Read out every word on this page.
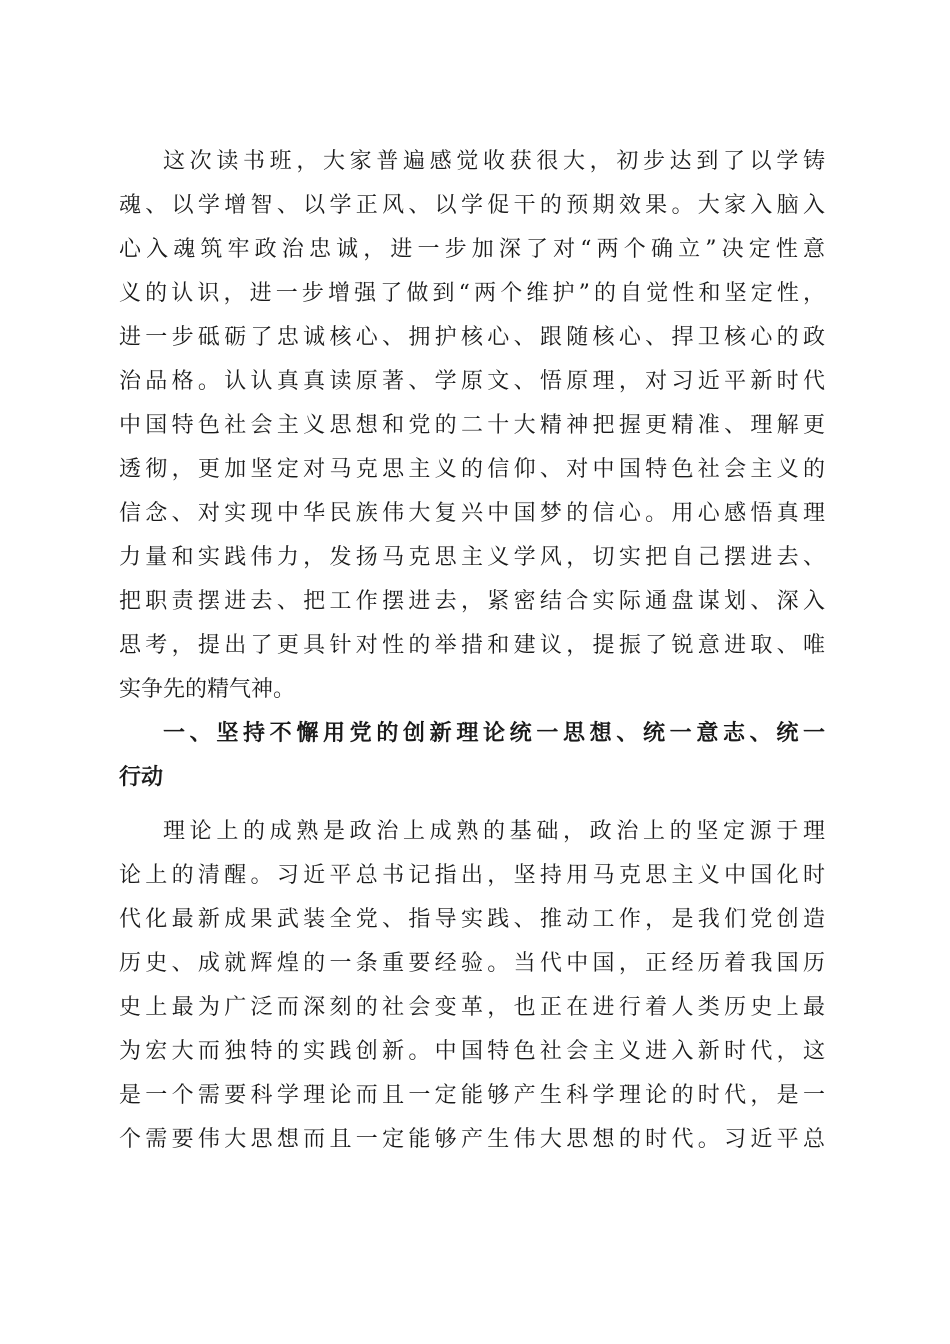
这次读书班，大家普遍感觉收获很大，初步达到了以学铸
魂、以学增智、以学正风、以学促干的预期效果。大家入脑入
心入魂筑牢政治忠诚，进一步加深了对“两个确立”决定性意
义的认识，进一步增强了做到“两个维护”的自觉性和坚定性，
进一步砥砺了忠诚核心、拥护核心、跟随核心、捍卫核心的政
治品格。认认真真读原著、学原文、悟原理，对习近平新时代
中国特色社会主义思想和党的二十大精神把握更精准、理解更
透彻，更加坚定对马克思主义的信仰、对中国特色社会主义的
信念、对实现中华民族伟大复兴中国梦的信心。用心感悟真理
力量和实践伟力，发扬马克思主义学风，切实把自己摆进去、
把职责摆进去、把工作摆进去，紧密结合实际通盘谋划、深入
思考，提出了更具针对性的举措和建议，提振了锐意进取、唯
实争先的精气神。
一、坚持不懈用党的创新理论统一思想、统一意志、统一
行动
理论上的成熟是政治上成熟的基础，政治上的坚定源于理
论上的清醒。习近平总书记指出，坚持用马克思主义中国化时
代化最新成果武装全党、指导实践、推动工作，是我们党创造
历史、成就辉煌的一条重要经验。当代中国，正经历着我国历
史上最为广泛而深刻的社会变革，也正在进行着人类历史上最
为宏大而独特的实践创新。中国特色社会主义进入新时代，这
是一个需要科学理论而且一定能够产生科学理论的时代，是一
个需要伟大思想而且一定能够产生伟大思想的时代。习近平总
